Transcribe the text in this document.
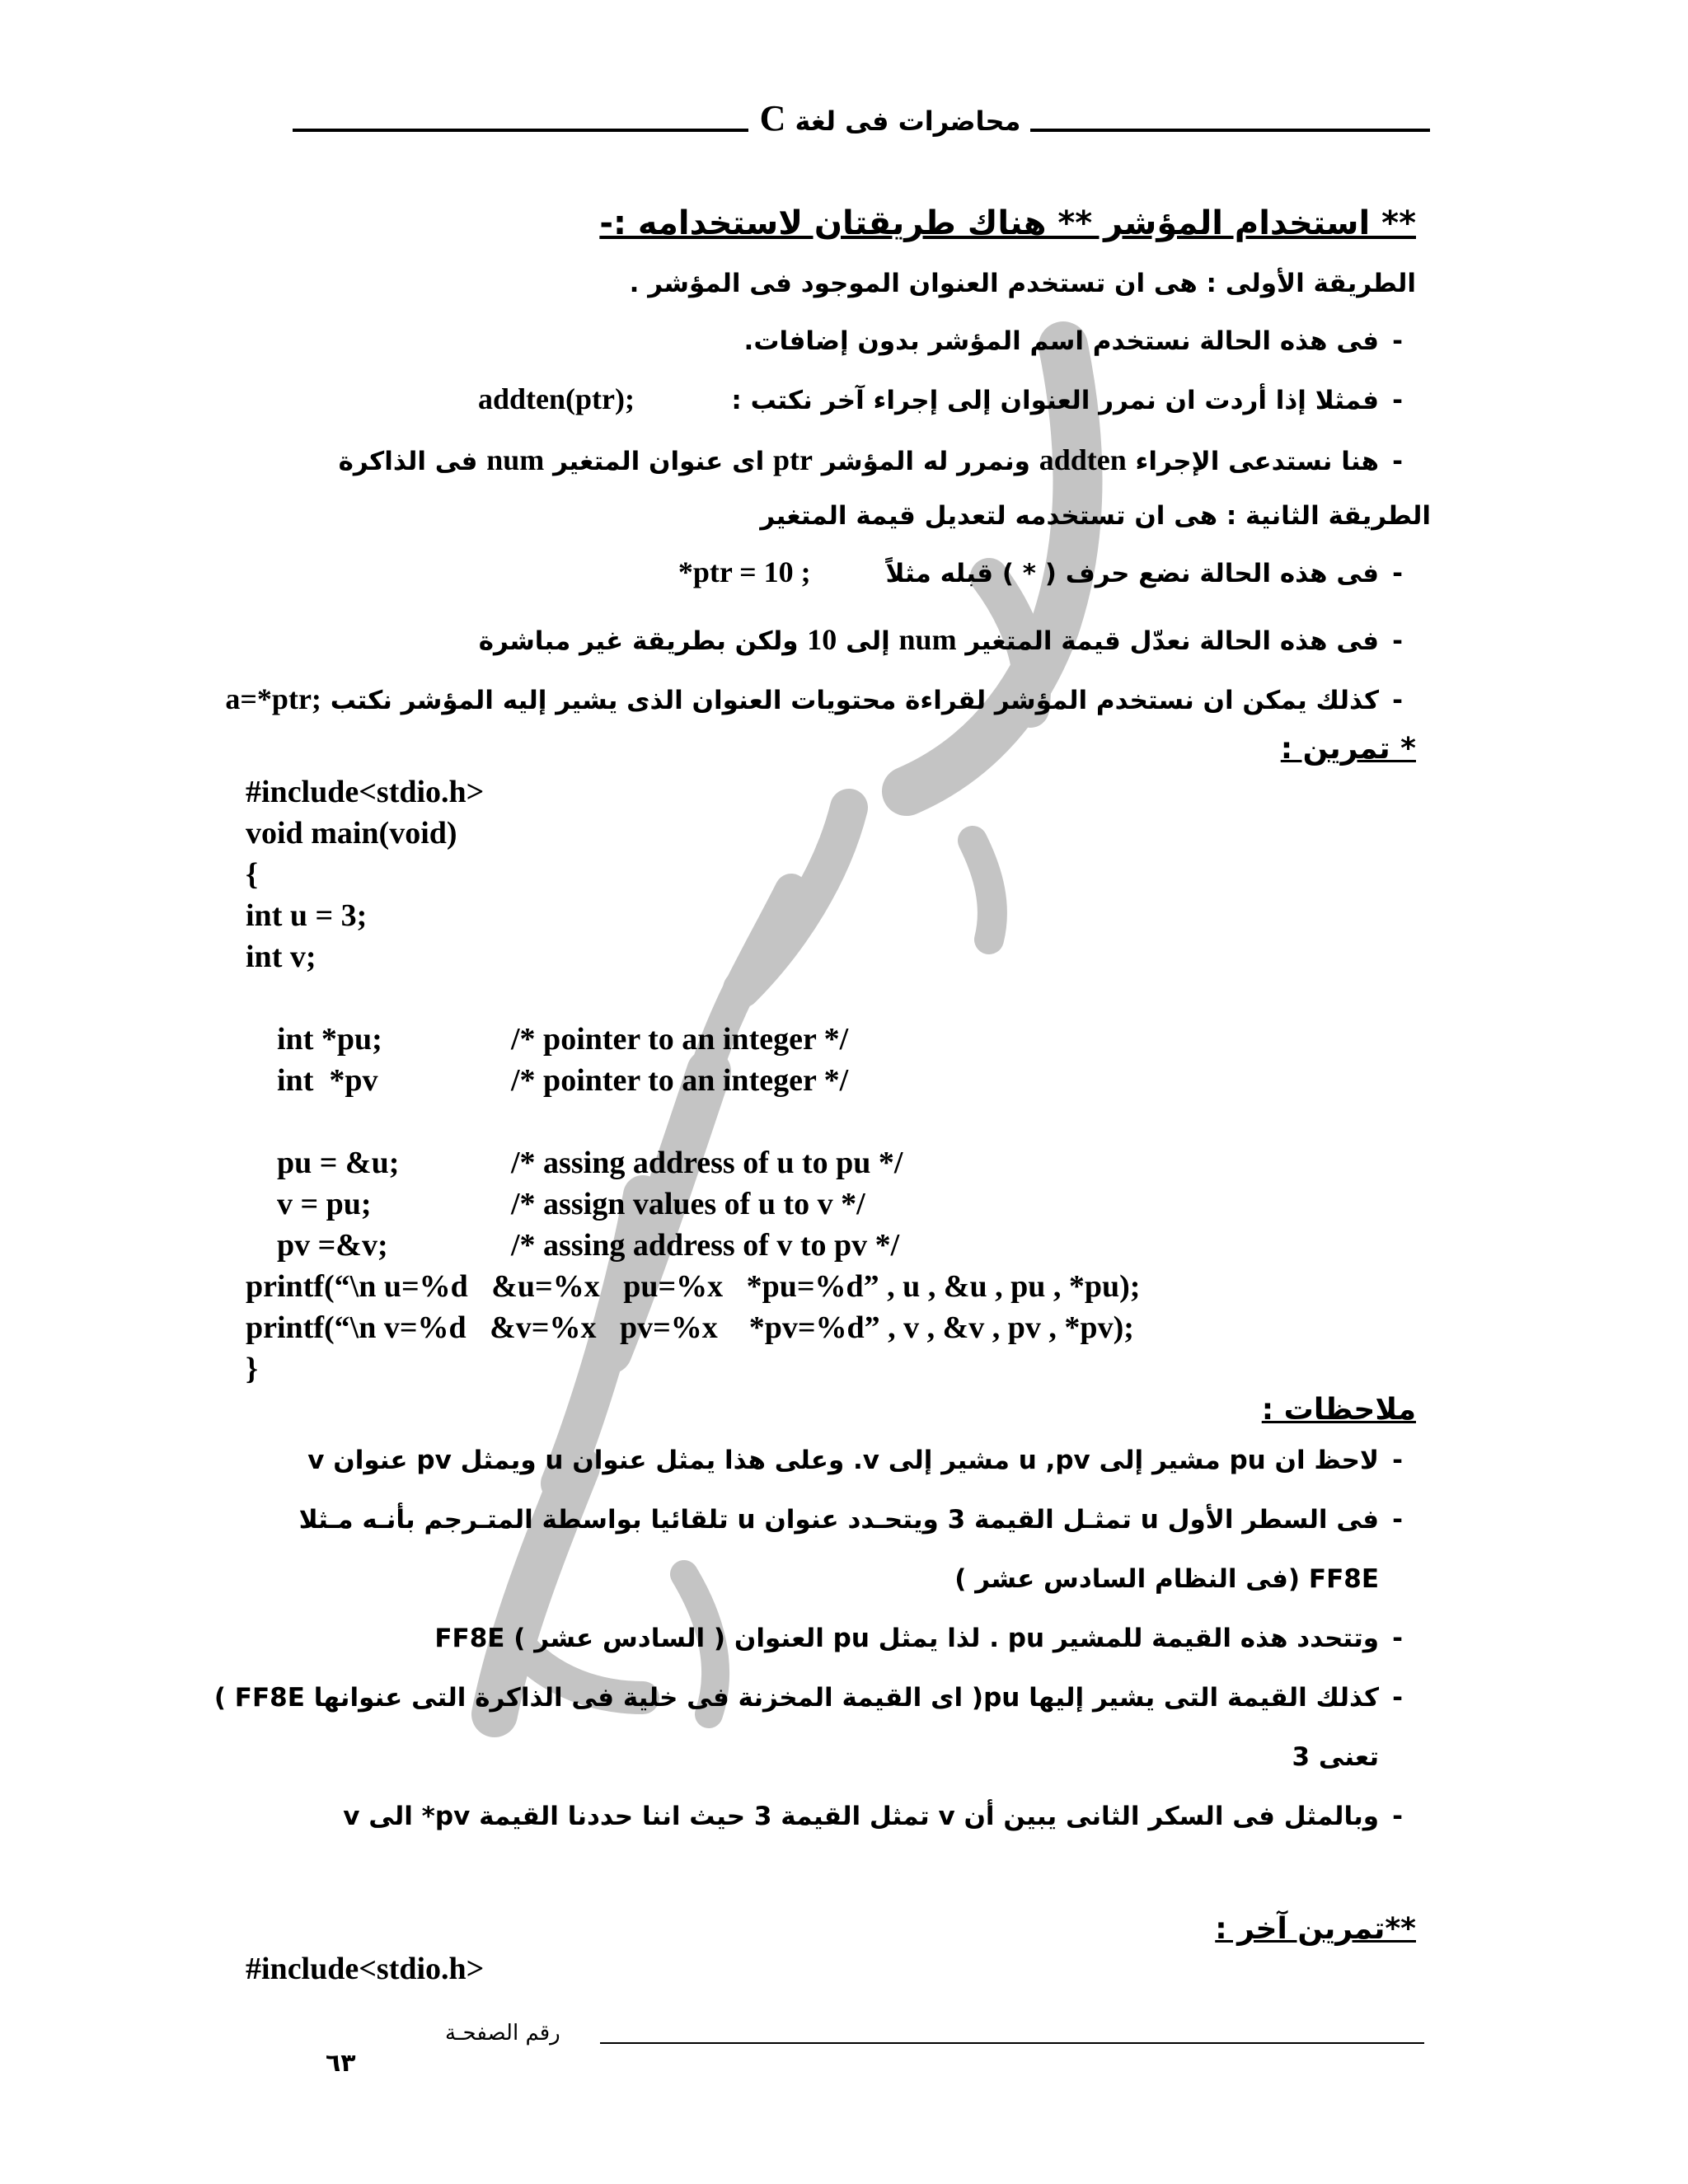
محاضرات فى لغة C
** استخدام المؤشر ** هناك طريقتان لاستخدامه :-
الطريقة الأولى : هى ان تستخدم العنوان الموجود فى المؤشر .
-فى هذه الحالة نستخدم اسم المؤشر بدون إضافات.
-فمثلا إذا أردت ان نمرر العنوان إلى إجراء آخر نكتب :
addten(ptr);
-هنا نستدعى الإجراء addten ونمرر له المؤشر ptr اى عنوان المتغير num فى الذاكرة
الطريقة الثانية : هى ان تستخدمه لتعديل قيمة المتغير
-فى هذه الحالة نضع حرف ( * ) قبله مثلاً *ptr = 10 ;
-فى هذه الحالة نعدّل قيمة المتغير num إلى 10 ولكن بطريقة غير مباشرة
-كذلك يمكن ان نستخدم المؤشر لقراءة محتويات العنوان الذى يشير إليه المؤشر نكتب a=*ptr;
* تمرين :
#include<stdio.h>
void main(void)
{
int u = 3;
int v;

int *pu;	/* pointer to an integer */

int  *pv	/* pointer to an integer */

pu = &u;	/* assing address of u to pu */

v = pu;	/* assign values of u to v */

pv =&v;	/* assing address of v to pv */

printf(“\n u=%d   &u=%x   pu=%x   *pu=%d” , u , &u , pu , *pu);
printf(“\n v=%d   &v=%x   pv=%x    *pv=%d” , v , &v , pv , *pv);
}
ملاحظات :
-لاحظ ان pu مشير إلى u ,pv مشير إلى v. وعلى هذا يمثل عنوان u ويمثل pv عنوان v
-فى السطر الأول u تمثـل القيمة 3 ويتحـدد عنوان u تلقائيا بواسطة المتـرجم بأنـه مـثلا
FF8E (فى النظام السادس عشر )
-وتتحدد هذه القيمة للمشير pu . لذا يمثل pu العنوان ( السادس عشر ) FF8E
-كذلك القيمة التى يشير إليها pu( اى القيمة المخزنة فى خلية فى الذاكرة التى عنوانها FF8E )
تعنى 3
-وبالمثل فى السكر الثانى يبين أن v تمثل القيمة 3 حيث اننا حددنا القيمة pv* الى v
**تمرين آخر :
#include<stdio.h>
رقم الصفحـة
٦٣
